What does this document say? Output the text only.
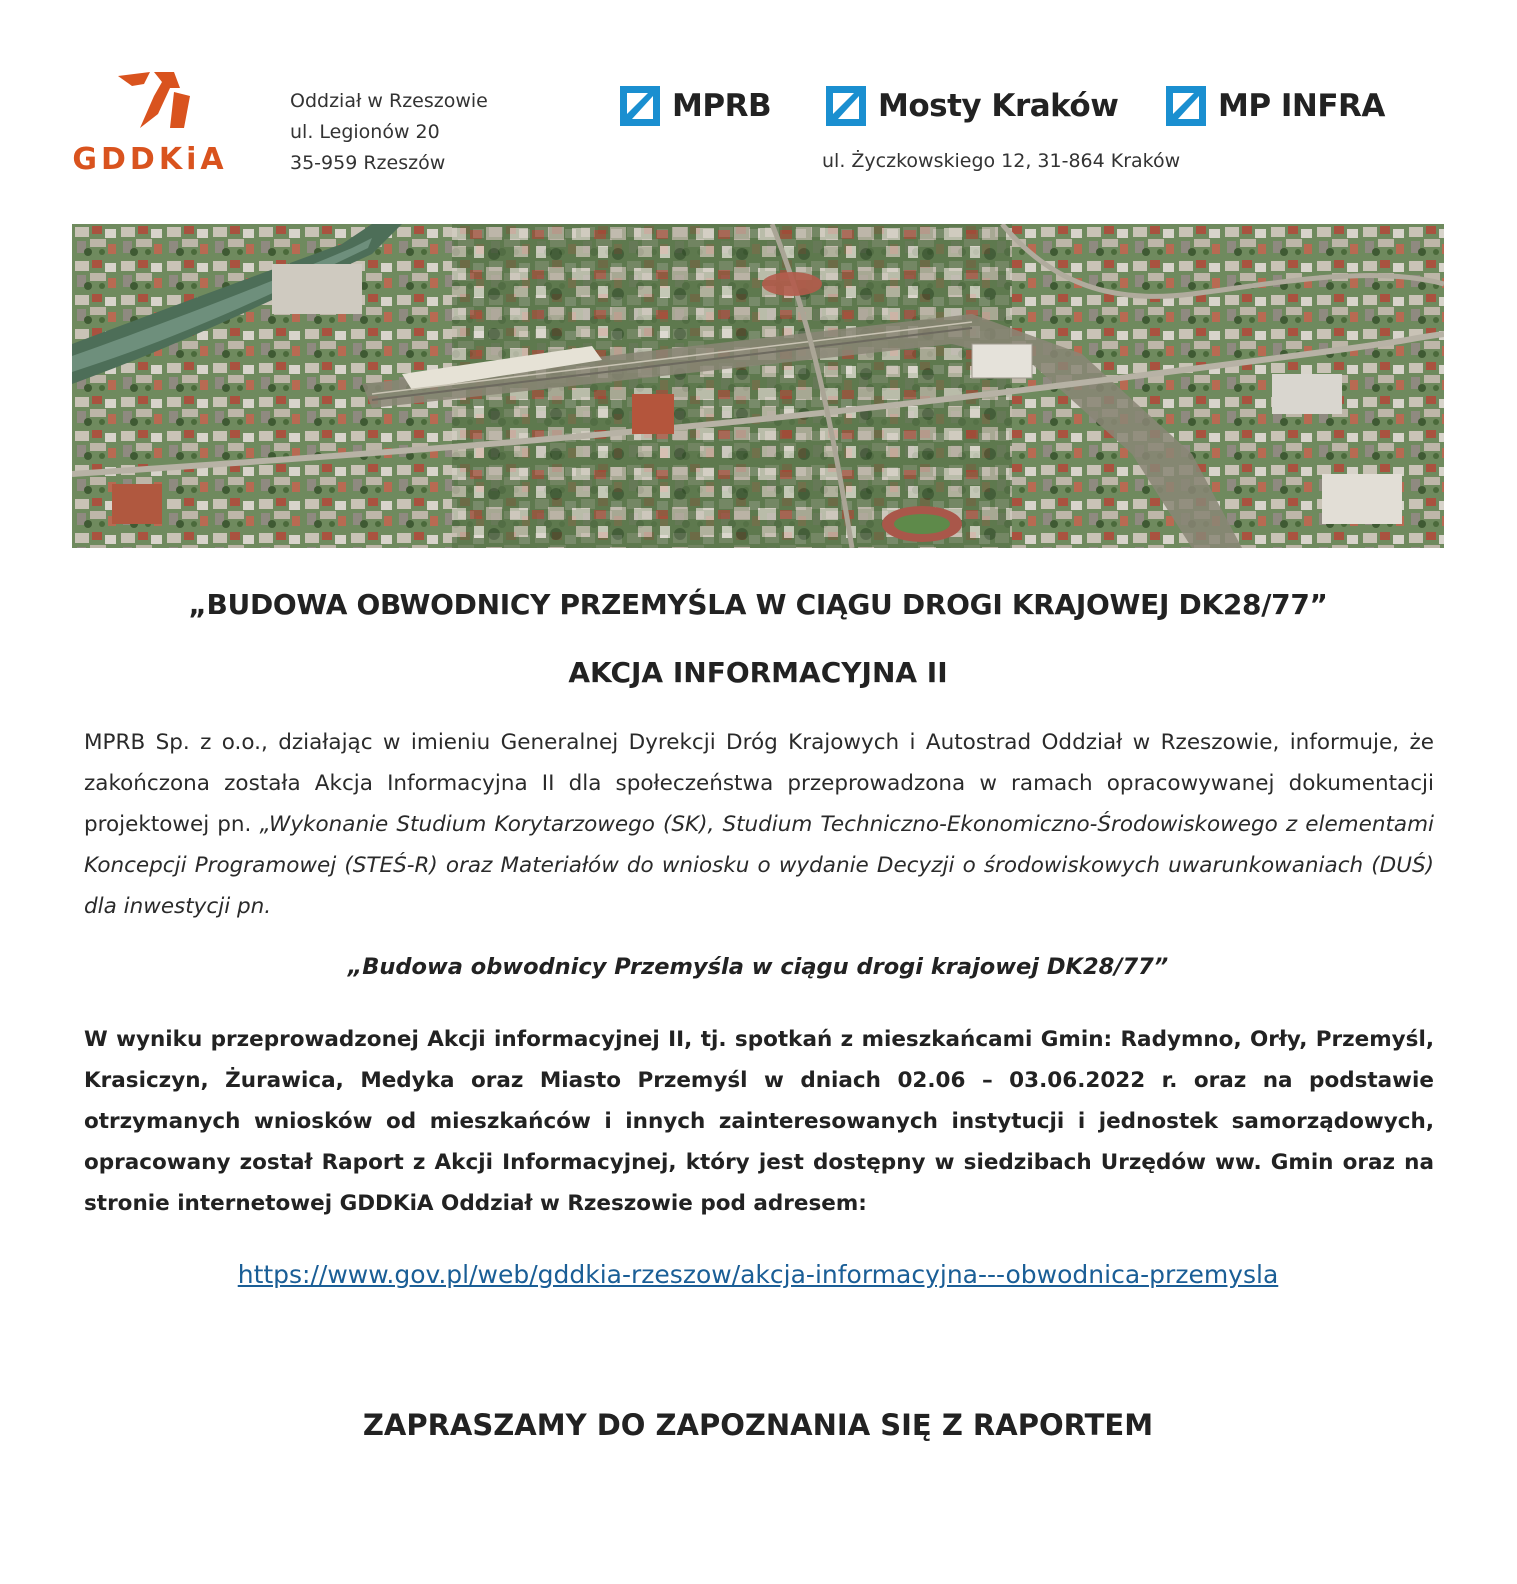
GDDKiA
Oddział w Rzeszowie
ul. Legionów 20
35-959 Rzeszów
MPRB	Mosty Kraków	MP INFRA
ul. Życzkowskiego 12, 31-864 Kraków
„BUDOWA OBWODNICY PRZEMYŚLA W CIĄGU DROGI KRAJOWEJ DK28/77”
AKCJA INFORMACYJNA II
MPRB Sp. z o.o., działając w imieniu Generalnej Dyrekcji Dróg Krajowych i Autostrad Oddział w Rzeszowie, informuje, że zakończona została Akcja Informacyjna II dla społeczeństwa przeprowadzona w ramach opracowywanej dokumentacji projektowej pn. „Wykonanie Studium Korytarzowego (SK), Studium Techniczno-Ekonomiczno-Środowiskowego z elementami Koncepcji Programowej (STEŚ-R) oraz Materiałów do wniosku o wydanie Decyzji o środowiskowych uwarunkowaniach (DUŚ) dla inwestycji pn.
„Budowa obwodnicy Przemyśla w ciągu drogi krajowej DK28/77”
W wyniku przeprowadzonej Akcji informacyjnej II, tj. spotkań z mieszkańcami Gmin: Radymno, Orły, Przemyśl, Krasiczyn, Żurawica, Medyka oraz Miasto Przemyśl w dniach 02.06 – 03.06.2022 r. oraz na podstawie otrzymanych wniosków od mieszkańców i innych zainteresowanych instytucji i jednostek samorządowych, opracowany został Raport z Akcji Informacyjnej, który jest dostępny w siedzibach Urzędów ww. Gmin oraz na stronie internetowej GDDKiA Oddział w Rzeszowie pod adresem:
https://www.gov.pl/web/gddkia-rzeszow/akcja-informacyjna---obwodnica-przemysla
ZAPRASZAMY DO ZAPOZNANIA SIĘ Z RAPORTEM
